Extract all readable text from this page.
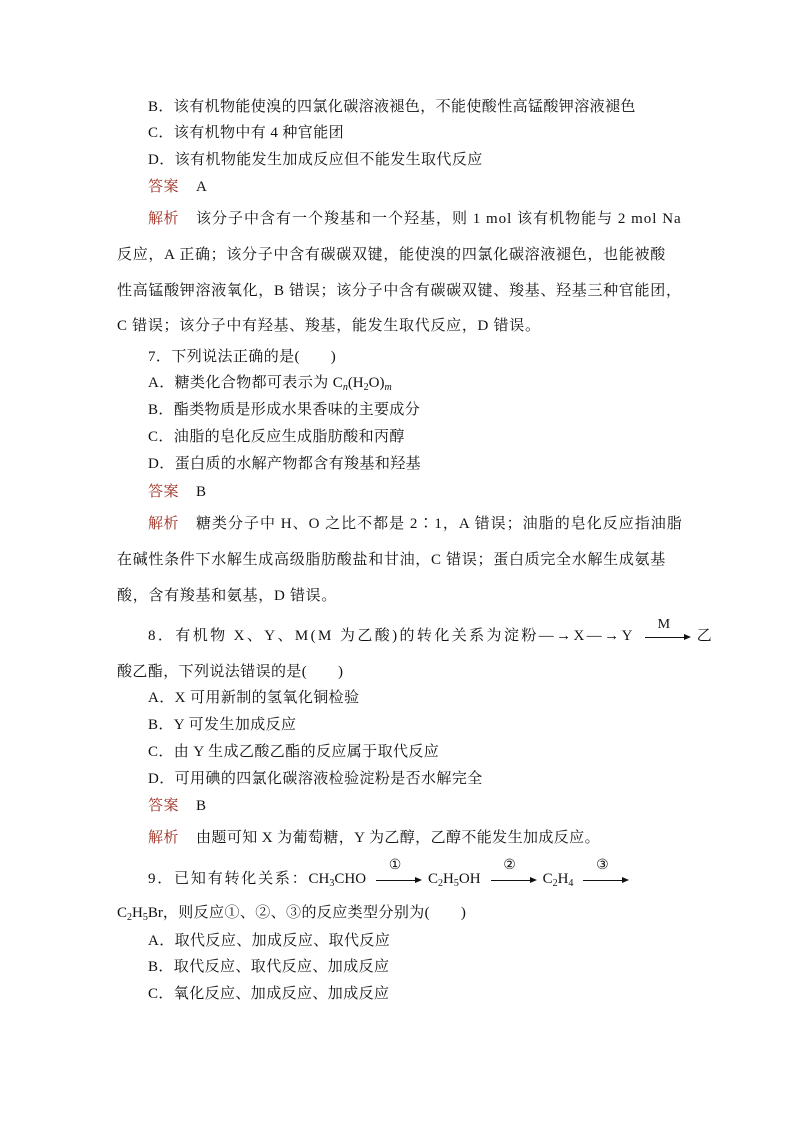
B．该有机物能使溴的四氯化碳溶液褪色，不能使酸性高锰酸钾溶液褪色
C．该有机物中有 4 种官能团
D．该有机物能发生加成反应但不能发生取代反应
答案 A
解析 该分子中含有一个羧基和一个羟基，则 1 mol 该有机物能与 2 mol Na
反应，A 正确；该分子中含有碳碳双键，能使溴的四氯化碳溶液褪色，也能被酸
性高锰酸钾溶液氧化，B 错误；该分子中含有碳碳双键、羧基、羟基三种官能团，
C 错误；该分子中有羟基、羧基，能发生取代反应，D 错误。
7．下列说法正确的是(　　)
A．糖类化合物都可表示为 $C_n(H_2O)_m$
B．酯类物质是形成水果香味的主要成分
C．油脂的皂化反应生成脂肪酸和丙醇
D．蛋白质的水解产物都含有羧基和羟基
答案 B
解析 糖类分子中 H、O 之比不都是 2∶1，A 错误；油脂的皂化反应指油脂
在碱性条件下水解生成高级脂肪酸盐和甘油，C 错误；蛋白质完全水解生成氨基
酸，含有羧基和氨基，D 错误。
8．有机物 X、Y、M(M 为乙酸)的转化关系为淀粉―→X―→Y
M
乙
酸乙酯，下列说法错误的是(　　)
A．X 可用新制的氢氧化铜检验
B．Y 可发生加成反应
C．由 Y 生成乙酸乙酯的反应属于取代反应
D．可用碘的四氯化碳溶液检验淀粉是否水解完全
答案 B
解析 由题可知 X 为葡萄糖，Y 为乙醇，乙醇不能发生加成反应。
9．已知有转化关系：$CH_3CHO$
①
$C_2H_5OH$
②
$C_2H_4$
③
$C_2H_5Br$，则反应①、②、③的反应类型分别为(　　)
A．取代反应、加成反应、取代反应
B．取代反应、取代反应、加成反应
C．氧化反应、加成反应、加成反应
